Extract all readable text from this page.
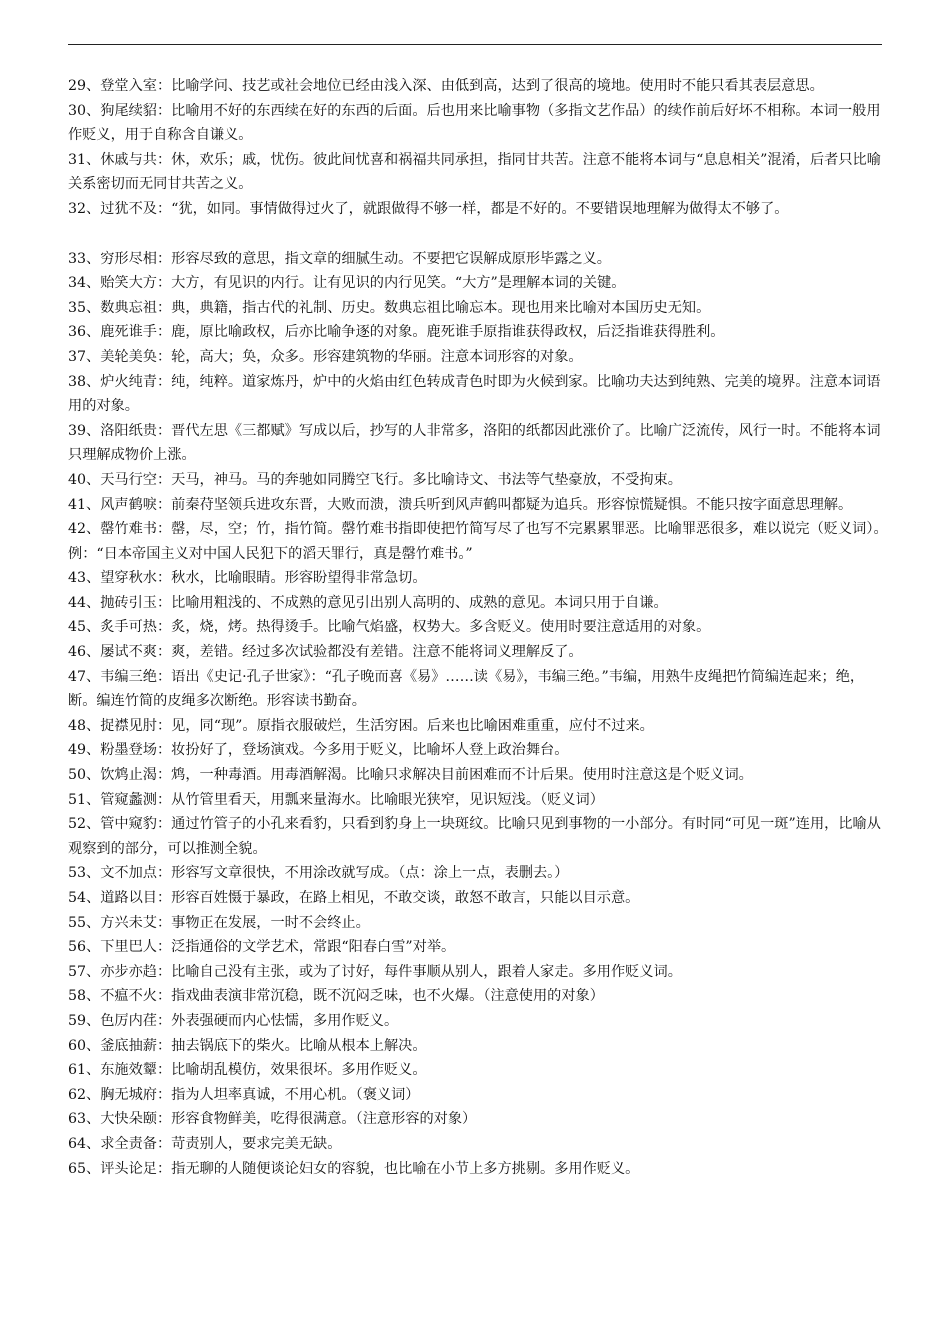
29、登堂入室：比喻学问、技艺或社会地位已经由浅入深、由低到高，达到了很高的境地。使用时不能只看其表层意思。

30、狗尾续貂：比喻用不好的东西续在好的东西的后面。后也用来比喻事物（多指文艺作品）的续作前后好坏不相称。本词一般用作贬义，用于自称含自谦义。

31、休戚与共：休，欢乐；戚，忧伤。彼此间忧喜和祸福共同承担，指同甘共苦。注意不能将本词与“息息相关”混淆，后者只比喻关系密切而无同甘共苦之义。

32、过犹不及：“犹，如同。事情做得过火了，就跟做得不够一样，都是不好的。不要错误地理解为做得太不够了。

33、穷形尽相：形容尽致的意思，指文章的细腻生动。不要把它误解成原形毕露之义。

34、贻笑大方：大方，有见识的内行。让有见识的内行见笑。“大方”是理解本词的关键。

35、数典忘祖：典，典籍，指古代的礼制、历史。数典忘祖比喻忘本。现也用来比喻对本国历史无知。

36、鹿死谁手：鹿，原比喻政权，后亦比喻争逐的对象。鹿死谁手原指谁获得政权，后泛指谁获得胜利。

37、美轮美奂：轮，高大；奂，众多。形容建筑物的华丽。注意本词形容的对象。

38、炉火纯青：纯，纯粹。道家炼丹，炉中的火焰由红色转成青色时即为火候到家。比喻功夫达到纯熟、完美的境界。注意本词语用的对象。

39、洛阳纸贵：晋代左思《三都赋》写成以后，抄写的人非常多，洛阳的纸都因此涨价了。比喻广泛流传，风行一时。不能将本词只理解成物价上涨。

40、天马行空：天马，神马。马的奔驰如同腾空飞行。多比喻诗文、书法等气垫豪放，不受拘束。

41、风声鹤唳：前秦苻坚领兵进攻东晋，大败而溃，溃兵听到风声鹤叫都疑为追兵。形容惊慌疑惧。不能只按字面意思理解。

42、罄竹难书：罄，尽，空；竹，指竹简。罄竹难书指即使把竹简写尽了也写不完累累罪恶。比喻罪恶很多，难以说完（贬义词）。例：“日本帝国主义对中国人民犯下的滔天罪行，真是罄竹难书。”

43、望穿秋水：秋水，比喻眼睛。形容盼望得非常急切。

44、抛砖引玉：比喻用粗浅的、不成熟的意见引出别人高明的、成熟的意见。本词只用于自谦。

45、炙手可热：炙，烧，烤。热得烫手。比喻气焰盛，权势大。多含贬义。使用时要注意适用的对象。

46、屡试不爽：爽，差错。经过多次试验都没有差错。注意不能将词义理解反了。

47、韦编三绝：语出《史记·孔子世家》：“孔子晚而喜《易》……读《易》，韦编三绝。”韦编，用熟牛皮绳把竹简编连起来；绝，断。编连竹简的皮绳多次断绝。形容读书勤奋。

48、捉襟见肘：见，同“现”。原指衣服破烂，生活穷困。后来也比喻困难重重，应付不过来。

49、粉墨登场：妆扮好了，登场演戏。今多用于贬义，比喻坏人登上政治舞台。

50、饮鸩止渴：鸩，一种毒酒。用毒酒解渴。比喻只求解决目前困难而不计后果。使用时注意这是个贬义词。

51、管窥蠡测：从竹管里看天，用瓢来量海水。比喻眼光狭窄，见识短浅。（贬义词）

52、管中窥豹：通过竹管子的小孔来看豹，只看到豹身上一块斑纹。比喻只见到事物的一小部分。有时同“可见一斑”连用，比喻从观察到的部分，可以推测全貌。

53、文不加点：形容写文章很快，不用涂改就写成。（点：涂上一点，表删去。）

54、道路以目：形容百姓慑于暴政，在路上相见，不敢交谈，敢怒不敢言，只能以目示意。

55、方兴未艾：事物正在发展，一时不会终止。

56、下里巴人：泛指通俗的文学艺术，常跟“阳春白雪”对举。

57、亦步亦趋：比喻自己没有主张，或为了讨好，每件事顺从别人，跟着人家走。多用作贬义词。

58、不瘟不火：指戏曲表演非常沉稳，既不沉闷乏味，也不火爆。（注意使用的对象）

59、色厉内荏：外表强硬而内心怯懦，多用作贬义。

60、釜底抽薪：抽去锅底下的柴火。比喻从根本上解决。

61、东施效颦：比喻胡乱模仿，效果很坏。多用作贬义。

62、胸无城府：指为人坦率真诚，不用心机。（褒义词）

63、大快朵颐：形容食物鲜美，吃得很满意。（注意形容的对象）

64、求全责备：苛责别人，要求完美无缺。

65、评头论足：指无聊的人随便谈论妇女的容貌，也比喻在小节上多方挑剔。多用作贬义。
